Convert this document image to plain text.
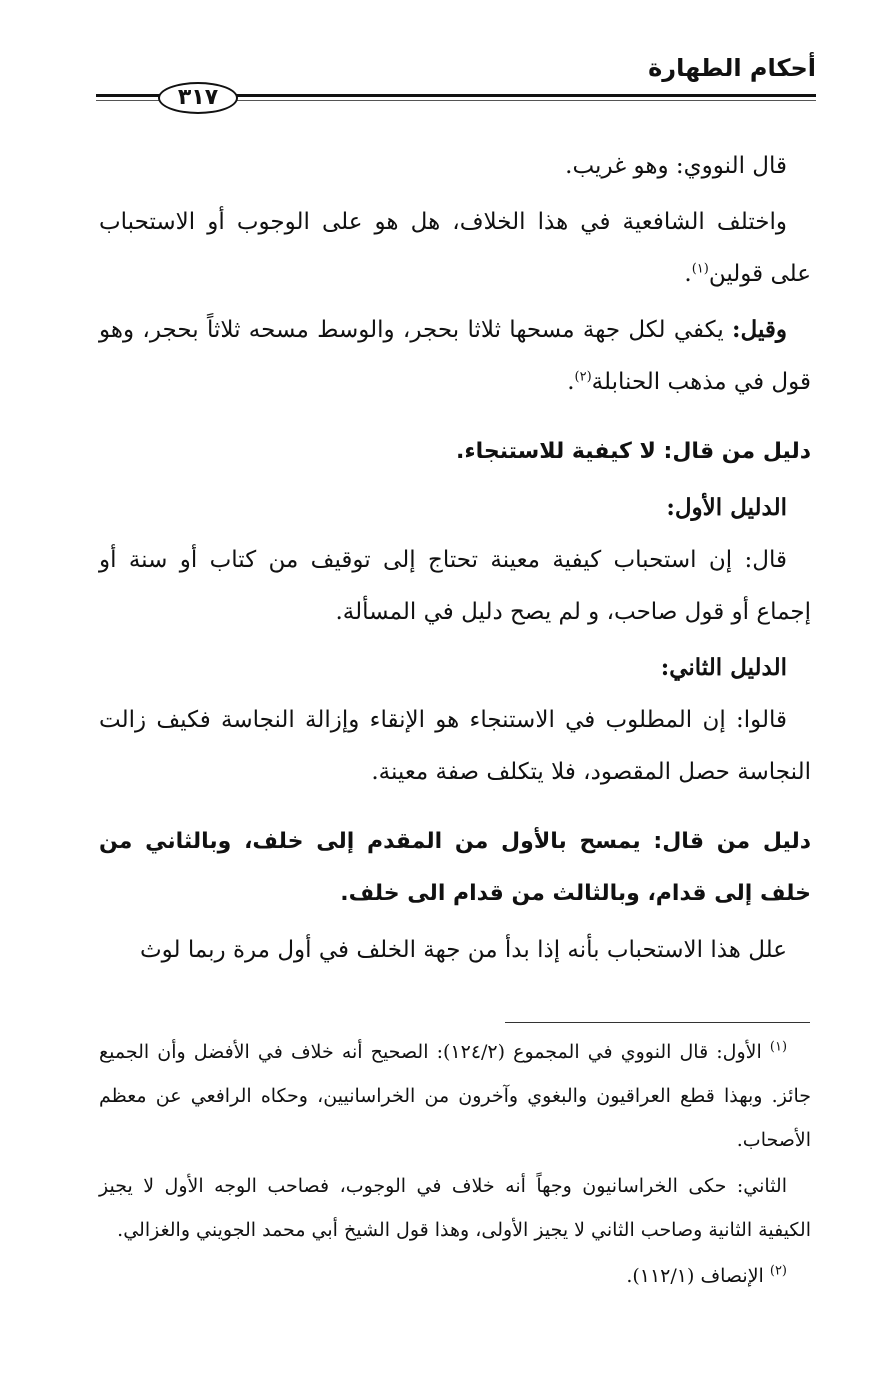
أحكام الطهارة
٣١٧

قال النووي: وهو غريب.

واختلف الشافعية في هذا الخلاف، هل هو على الوجوب أو الاستحباب على قولين$^{(١)}$.

وقيل: يكفي لكل جهة مسحها ثلاثا بحجر، والوسط مسحه ثلاثاً بحجر، وهو قول في مذهب الحنابلة$^{(٢)}$.

دليل من قال: لا كيفية للاستنجاء.

الدليل الأول:

قال: إن استحباب كيفية معينة تحتاج إلى توقيف من كتاب أو سنة أو إجماع أو قول صاحب، و لم يصح دليل في المسألة.

الدليل الثاني:

قالوا: إن المطلوب في الاستنجاء هو الإنقاء وإزالة النجاسة فكيف زالت النجاسة حصل المقصود، فلا يتكلف صفة معينة.

دليل من قال: يمسح بالأول من المقدم إلى خلف، وبالثاني من خلف إلى قدام، وبالثالث من قدام الى خلف.

علل هذا الاستحباب بأنه إذا بدأ من جهة الخلف في أول مرة ربما لوث

$^{(١)}$ الأول: قال النووي في المجموع (١٢٤/٢): الصحيح أنه خلاف في الأفضل وأن الجميع جائز. وبهذا قطع العراقيون والبغوي وآخرون من الخراسانيين، وحكاه الرافعي عن معظم الأصحاب.

الثاني: حكى الخراسانيون وجهاً أنه خلاف في الوجوب، فصاحب الوجه الأول لا يجيز الكيفية الثانية وصاحب الثاني لا يجيز الأولى، وهذا قول الشيخ أبي محمد الجويني والغزالي.

$^{(٢)}$ الإنصاف (١١٢/١).
